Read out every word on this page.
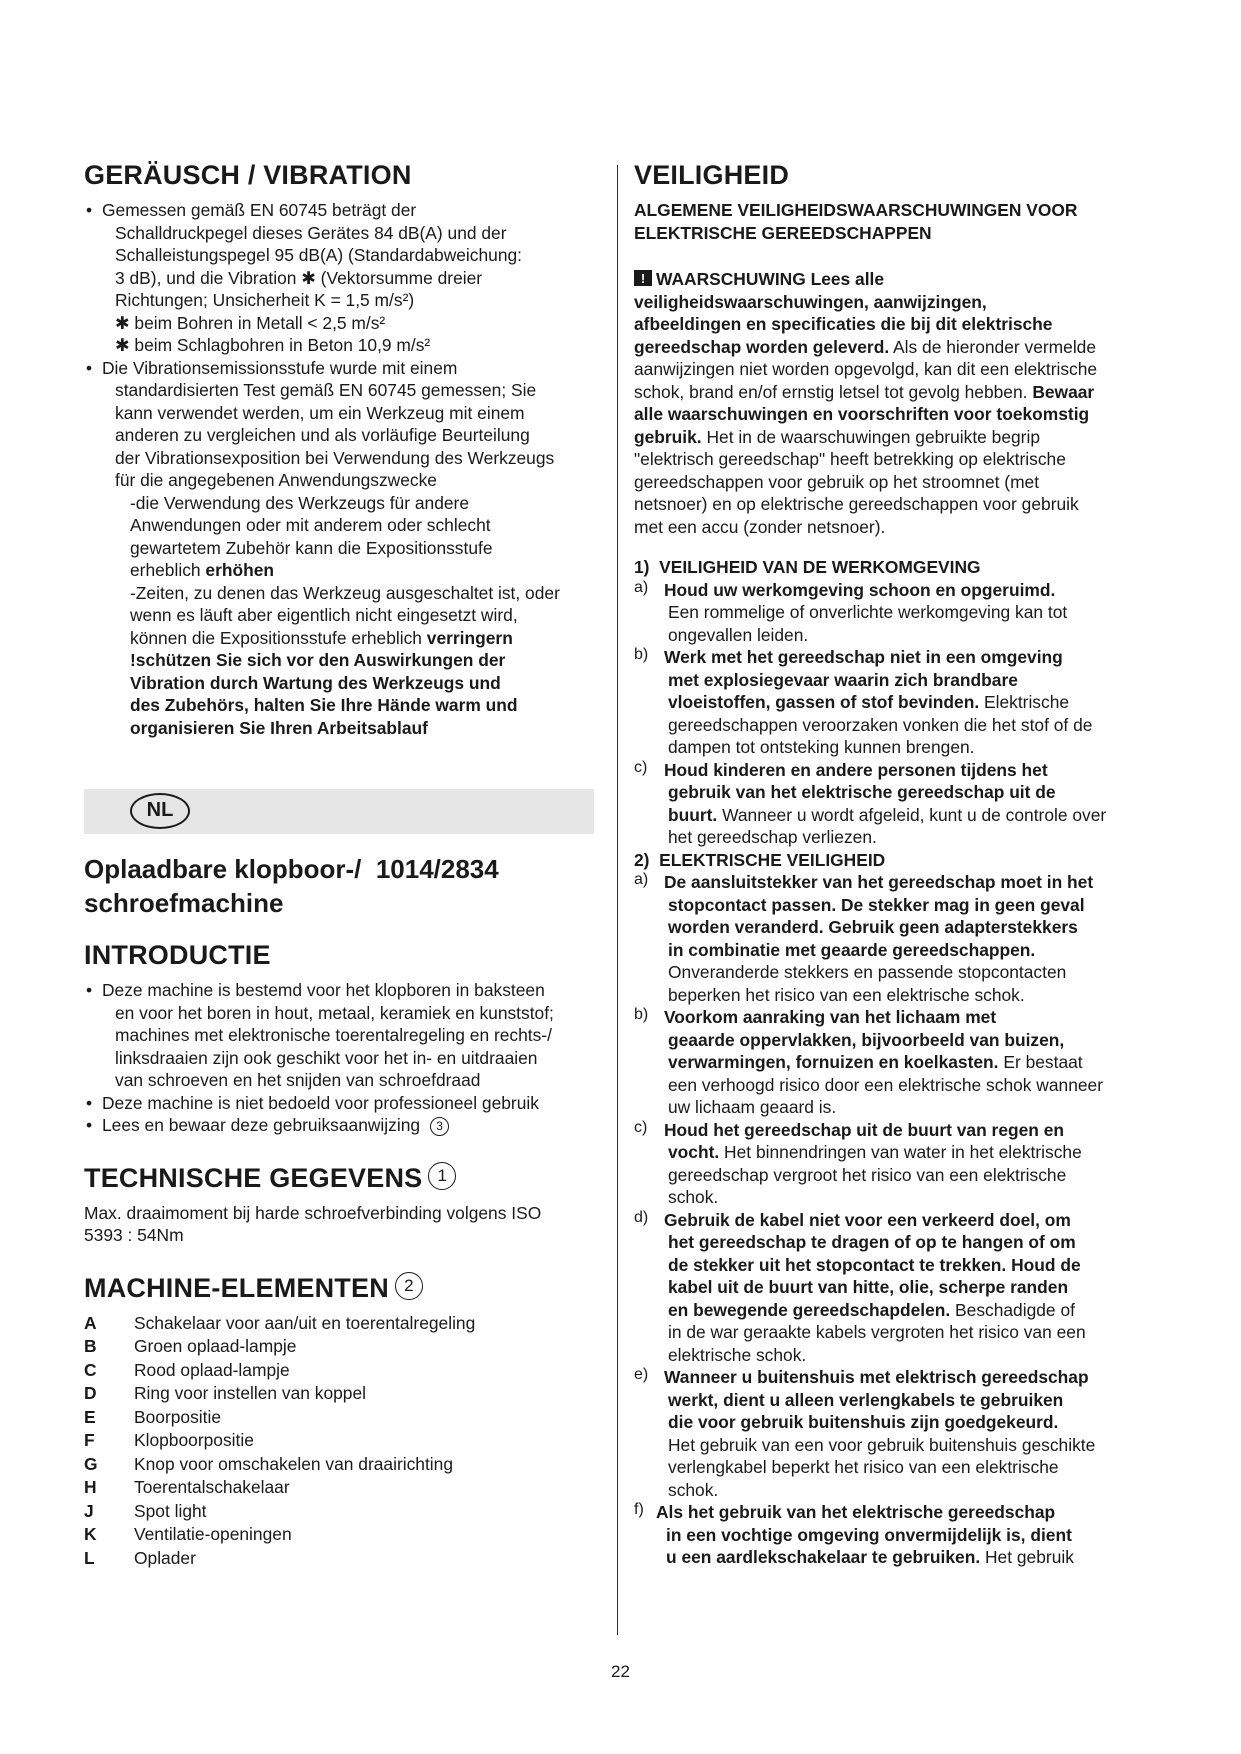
GERÄUSCH / VIBRATION

• Gemessen gemäß EN 60745 beträgt der

Schalldruckpegel dieses Gerätes 84 dB(A) und der

Schalleistungspegel 95 dB(A) (Standardabweichung:

3 dB), und die Vibration ✱ (Vektorsumme dreier

Richtungen; Unsicherheit K = 1,5 m/s²)

✱ beim Bohren in Metall < 2,5 m/s²

✱ beim Schlagbohren in Beton 10,9 m/s²

• Die Vibrationsemissionsstufe wurde mit einem

standardisierten Test gemäß EN 60745 gemessen; Sie

kann verwendet werden, um ein Werkzeug mit einem

anderen zu vergleichen und als vorläufige Beurteilung

der Vibrationsexposition bei Verwendung des Werkzeugs

für die angegebenen Anwendungszwecke

-die Verwendung des Werkzeugs für andere

Anwendungen oder mit anderem oder schlecht

gewartetem Zubehör kann die Expositionsstufe

erheblich erhöhen

-Zeiten, zu denen das Werkzeug ausgeschaltet ist, oder

wenn es läuft aber eigentlich nicht eingesetzt wird,

können die Expositionsstufe erheblich verringern

!schützen Sie sich vor den Auswirkungen der

Vibration durch Wartung des Werkzeugs und

des Zubehörs, halten Sie Ihre Hände warm und

organisieren Sie Ihren Arbeitsablauf

NL
Oplaadbare klopboor-/  1014/2834
schroefmachine
INTRODUCTIE

• Deze machine is bestemd voor het klopboren in baksteen

en voor het boren in hout, metaal, keramiek en kunststof;

machines met elektronische toerentalregeling en rechts-/

linksdraaien zijn ook geschikt voor het in- en uitdraaien

van schroeven en het snijden van schroefdraad

• Deze machine is niet bedoeld voor professioneel gebruik

• Lees en bewaar deze gebruiksaanwijzing 3

TECHNISCHE GEGEVENS 1

Max. draaimoment bij harde schroefverbinding volgens ISO

5393 : 54Nm

MACHINE-ELEMENTEN 2
A	Schakelaar voor aan/uit en toerentalregeling
B	Groen oplaad-lampje
C	Rood oplaad-lampje
D	Ring voor instellen van koppel
E	Boorpositie
F	Klopboorpositie
G	Knop voor omschakelen van draairichting
H	Toerentalschakelaar
J	Spot light
K	Ventilatie-openingen
L	Oplader
VEILIGHEID

ALGEMENE VEILIGHEIDSWAARSCHUWINGEN VOOR

ELEKTRISCHE GEREEDSCHAPPEN

! WAARSCHUWING Lees alle

veiligheidswaarschuwingen, aanwijzingen,

afbeeldingen en specificaties die bij dit elektrische

gereedschap worden geleverd. Als de hieronder vermelde

aanwijzingen niet worden opgevolgd, kan dit een elektrische

schok, brand en/of ernstig letsel tot gevolg hebben. Bewaar

alle waarschuwingen en voorschriften voor toekomstig

gebruik. Het in de waarschuwingen gebruikte begrip

"elektrisch gereedschap" heeft betrekking op elektrische

gereedschappen voor gebruik op het stroomnet (met

netsnoer) en op elektrische gereedschappen voor gebruik

met een accu (zonder netsnoer).

1)  VEILIGHEID VAN DE WERKOMGEVING

a) Houd uw werkomgeving schoon en opgeruimd.

Een rommelige of onverlichte werkomgeving kan tot

ongevallen leiden.

b) Werk met het gereedschap niet in een omgeving

met explosiegevaar waarin zich brandbare

vloeistoffen, gassen of stof bevinden. Elektrische

gereedschappen veroorzaken vonken die het stof of de

dampen tot ontsteking kunnen brengen.

c) Houd kinderen en andere personen tijdens het

gebruik van het elektrische gereedschap uit de

buurt. Wanneer u wordt afgeleid, kunt u de controle over

het gereedschap verliezen.

2)  ELEKTRISCHE VEILIGHEID

a) De aansluitstekker van het gereedschap moet in het

stopcontact passen. De stekker mag in geen geval

worden veranderd. Gebruik geen adapterstekkers

in combinatie met geaarde gereedschappen.

Onveranderde stekkers en passende stopcontacten

beperken het risico van een elektrische schok.

b) Voorkom aanraking van het lichaam met

geaarde oppervlakken, bijvoorbeeld van buizen,

verwarmingen, fornuizen en koelkasten. Er bestaat

een verhoogd risico door een elektrische schok wanneer

uw lichaam geaard is.

c) Houd het gereedschap uit de buurt van regen en

vocht. Het binnendringen van water in het elektrische

gereedschap vergroot het risico van een elektrische

schok.

d) Gebruik de kabel niet voor een verkeerd doel, om

het gereedschap te dragen of op te hangen of om

de stekker uit het stopcontact te trekken. Houd de

kabel uit de buurt van hitte, olie, scherpe randen

en bewegende gereedschapdelen. Beschadigde of

in de war geraakte kabels vergroten het risico van een

elektrische schok.

e) Wanneer u buitenshuis met elektrisch gereedschap

werkt, dient u alleen verlengkabels te gebruiken

die voor gebruik buitenshuis zijn goedgekeurd.

Het gebruik van een voor gebruik buitenshuis geschikte

verlengkabel beperkt het risico van een elektrische

schok.

f) Als het gebruik van het elektrische gereedschap

in een vochtige omgeving onvermijdelijk is, dient

u een aardlekschakelaar te gebruiken. Het gebruik

22
